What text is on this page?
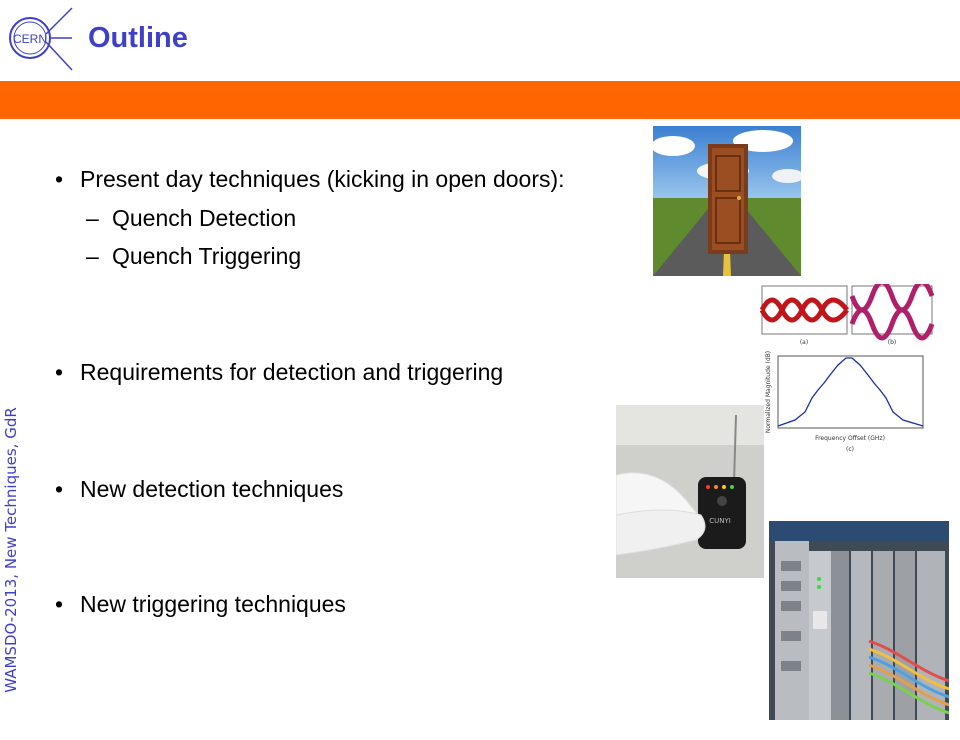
CERN Outline
WAMSDO-2013, New Techniques, GdR
• Present day techniques (kicking in open doors):
– Quench Detection
– Quench Triggering
• Requirements for detection and triggering
• New detection techniques
• New triggering techniques
(a)	(b)
Frequency Offset (GHz)
(c)
Normalized Magnitude (dB)
CUNYI
